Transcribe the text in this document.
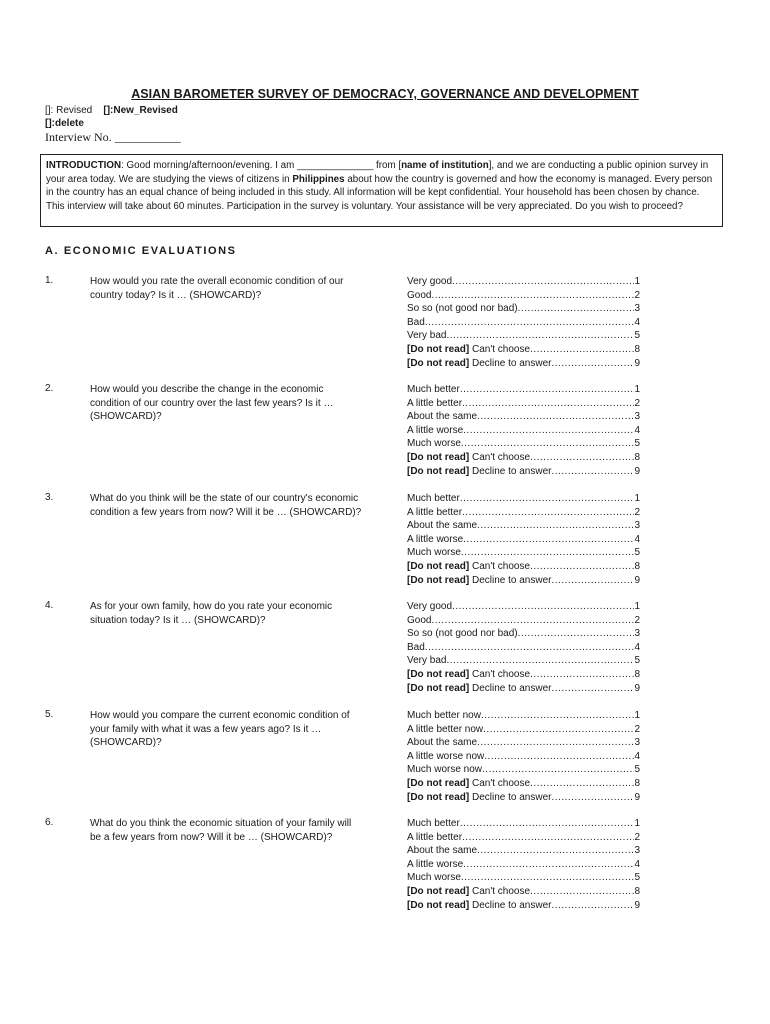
ASIAN BAROMETER SURVEY OF DEMOCRACY, GOVERNANCE AND DEVELOPMENT
[]: Revised []:New_Revised
[]:delete
Interview No. ___________
INTRODUCTION: Good morning/afternoon/evening. I am ______________ from [name of institution], and we are conducting a public opinion survey in your area today. We are studying the views of citizens in Philippines about how the country is governed and how the economy is managed. Every person in the country has an equal chance of being included in this study. All information will be kept confidential. Your household has been chosen by chance. This interview will take about 60 minutes. Participation in the survey is voluntary. Your assistance will be very appreciated. Do you wish to proceed?
A. ECONOMIC EVALUATIONS
1.	How would you rate the overall economic condition of our country today? Is it … (SHOWCARD)?
Very good .....	1
Good .....	2
So so (not good nor bad) .....	3
Bad .....	4
Very bad .....	5
[Do not read] Can't choose .....	8
[Do not read] Decline to answer .....	9
2.	How would you describe the change in the economic condition of our country over the last few years? Is it … (SHOWCARD)?
Much better .....	1
A little better .....	2
About the same .....	3
A little worse .....	4
Much worse .....	5
[Do not read] Can't choose .....	8
[Do not read] Decline to answer .....	9
3.	What do you think will be the state of our country's economic condition a few years from now? Will it be … (SHOWCARD)?
Much better .....	1
A little better .....	2
About the same .....	3
A little worse .....	4
Much worse .....	5
[Do not read] Can't choose .....	8
[Do not read] Decline to answer .....	9
4.	As for your own family, how do you rate your economic situation today? Is it … (SHOWCARD)?
Very good .....	1
Good .....	2
So so (not good nor bad) .....	3
Bad .....	4
Very bad .....	5
[Do not read] Can't choose .....	8
[Do not read] Decline to answer .....	9
5.	How would you compare the current economic condition of your family with what it was a few years ago? Is it … (SHOWCARD)?
Much better now .....	1
A little better now .....	2
About the same .....	3
A little worse now .....	4
Much worse now .....	5
[Do not read] Can't choose .....	8
[Do not read] Decline to answer .....	9
6.	What do you think the economic situation of your family will be a few years from now? Will it be … (SHOWCARD)?
Much better .....	1
A little better .....	2
About the same .....	3
A little worse .....	4
Much worse .....	5
[Do not read] Can't choose .....	8
[Do not read] Decline to answer .....	9
